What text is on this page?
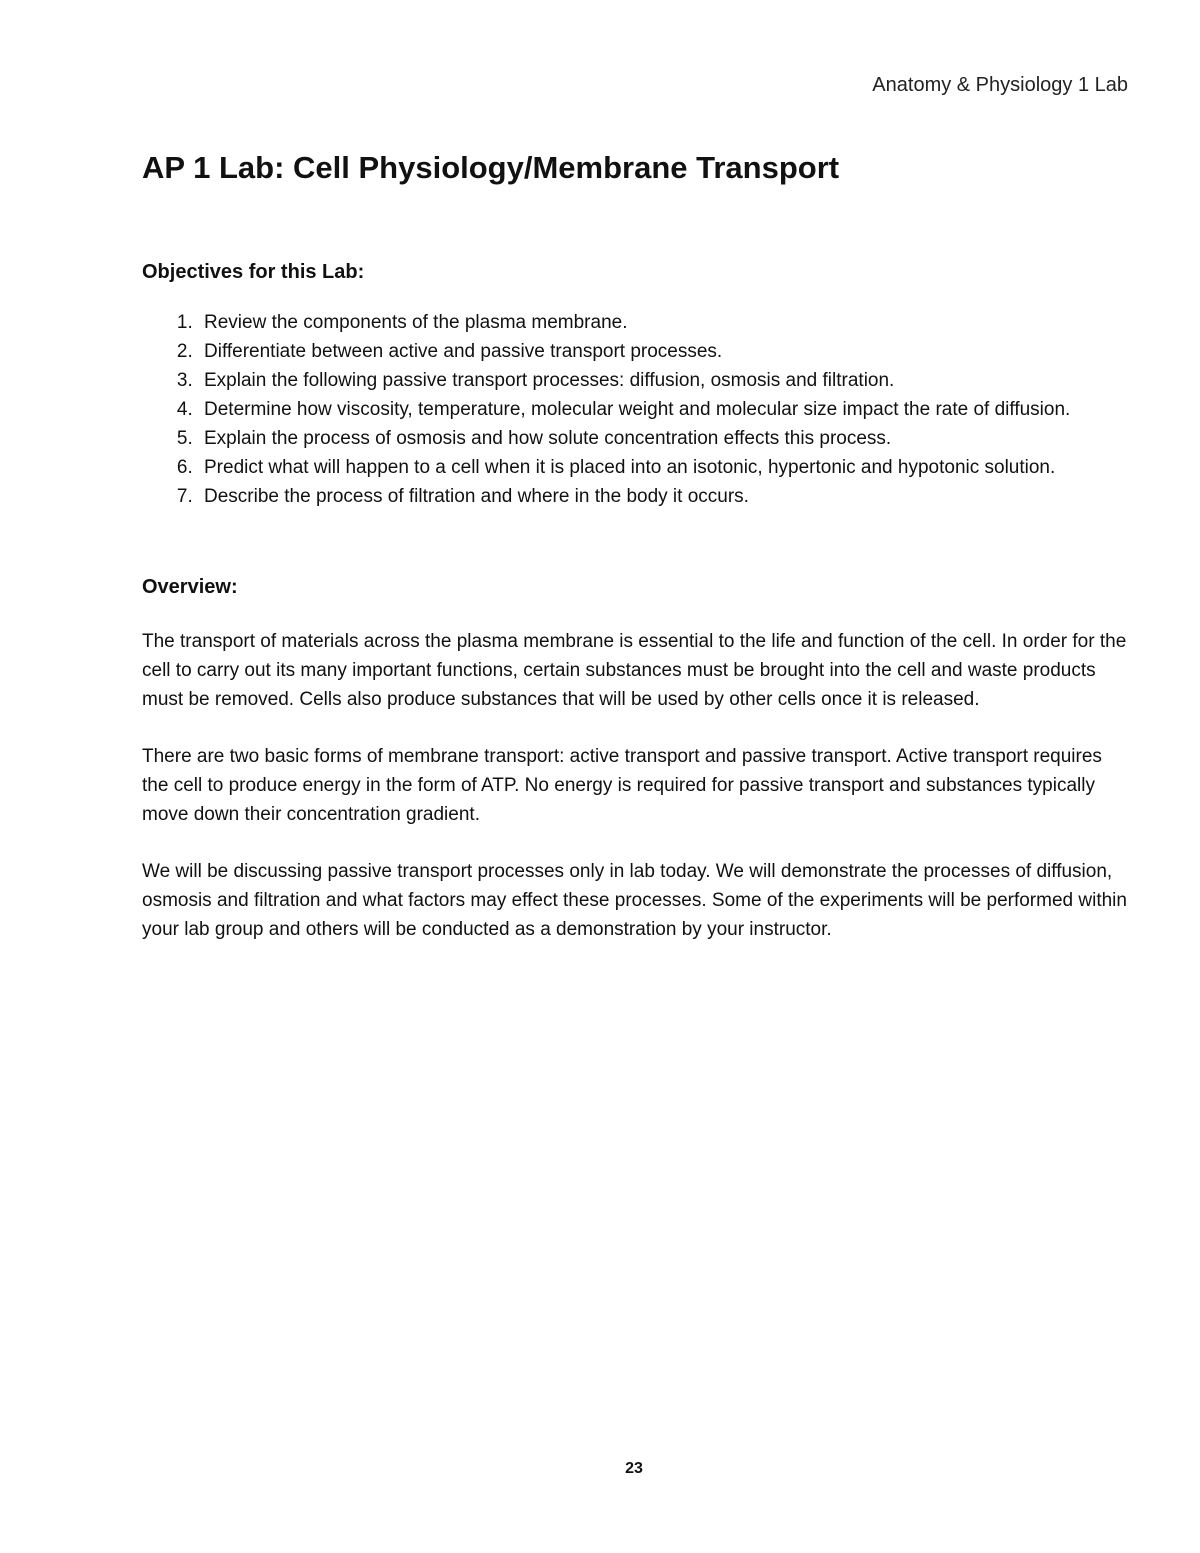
Anatomy & Physiology 1 Lab
AP 1 Lab: Cell Physiology/Membrane Transport
Objectives for this Lab:
1. Review the components of the plasma membrane.
2. Differentiate between active and passive transport processes.
3. Explain the following passive transport processes: diffusion, osmosis and filtration.
4. Determine how viscosity, temperature, molecular weight and molecular size impact the rate of diffusion.
5. Explain the process of osmosis and how solute concentration effects this process.
6. Predict what will happen to a cell when it is placed into an isotonic, hypertonic and hypotonic solution.
7. Describe the process of filtration and where in the body it occurs.
Overview:

The transport of materials across the plasma membrane is essential to the life and function of the cell. In order for the cell to carry out its many important functions, certain substances must be brought into the cell and waste products must be removed. Cells also produce substances that will be used by other cells once it is released.

There are two basic forms of membrane transport: active transport and passive transport. Active transport requires the cell to produce energy in the form of ATP. No energy is required for passive transport and substances typically move down their concentration gradient.

We will be discussing passive transport processes only in lab today. We will demonstrate the processes of diffusion, osmosis and filtration and what factors may effect these processes. Some of the experiments will be performed within your lab group and others will be conducted as a demonstration by your instructor.

23
